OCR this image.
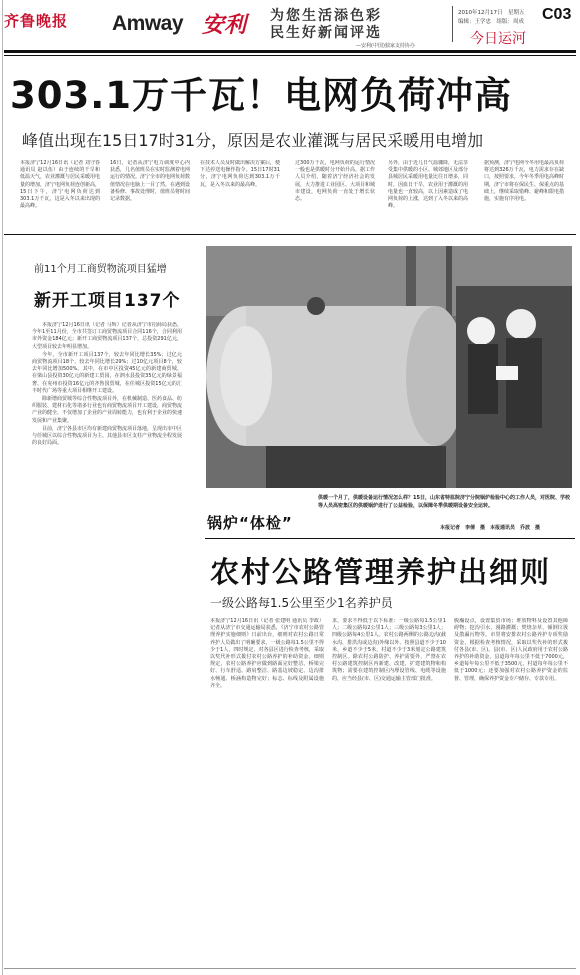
齐鲁晚报 Amway 安利 为您生活添色彩
民生好新闻评选
—安利(中国)独家支持协办
2010年12月17日　星期五
编辑：王学忠　组版：周成 C03
今日运河
303.1万千瓦！电网负荷冲高
峰值出现在15日17时31分，原因是农业灌溉与居民采暖用电增加
本报济宁12月16日讯（记者 刘守春 通讯员 赵以伍）由于连续的干旱和低温天气，农业灌溉与居民采暖用电量的增加，济宁电网负荷连创新高，15日下午，济宁电网负荷达到303.1万千瓦，这是入冬以来出现的最高峰。
16日，记者从济宁电力调度中心内获悉，几名值班员在实时监测着电网运行的情况。济宁全市的电网负荷数值情况在电脑上一目了然。在遇到设备检修、事故处理时，值班员将时间记录数据。
在技术人员及时做出解决方案后，便下达停送电操作指令。15日17时31分，济宁电网负荷达到303.1万千瓦，是入冬以来的最高峰。
过300万千瓦，电网负荷的运行情况一般也是供暖时分开始升高。据工作人员介绍，随着济宁经济社会的发展，大力推进工业园区、大项目和城市建设，电网负荷一直处于增长状态。
另外，由于近几日气温骤降，无法享受集中供暖的小区、城郊地区及部分县城居民采暖用电量比往日增多，同时，因血日干旱，农业用于灌溉的用电量也一直较高，以上因素造成了电网负荷的上涨，达到了入冬以来的高峰。
据预测，济宁电网今冬用电最高负荷将达到326万千瓦，电力需求存在缺口，按照要求，今年冬季用电高峰时期，济宁市将在保民生、保重点的基础上，继续采取错峰、避峰和限电措施，实施有序用电。
前11个月工商贸物流项目猛增
新开工项目137个

本报济宁12月16日讯（记者 马辉）记者从济宁市招商局获悉，今年1至11月份，全市共签订工商贸物流项目合同116个，合同利用市外资金184亿元；新开工商贸物流项目137个，总投资291亿元，大型项目较去年明显增加。

今年，全市新开工项目137个，较去年同比增长35%；过亿元商贸物流项目18个，较去年同比增长29%；过10亿元项目8个，较去年同比增加500%。其中，在市中区投资45亿元的新建商贸城、在梁山县投资30亿元的新建工贸园，在泗水县投资35亿元的绿景福奢、在兖州市投资16亿元的齐鲁国贸城，在任城区投资15亿元的汇丰时代广场等重大项目相继开工建设。

除新增商贸城等综合性物流项目外，在机械制造、医药食品、纺织服装、建材石化等诸多行业也有商贸物流项目开工建设，商贸物流产业的健全，不仅增加了企业的产业周转能力，也有利于企业的快速发展和产业集聚。

目前，济宁各县市区均有新建商贸物流项目落地，呈现出市中区与任城区以综合性物流项目为主、其他县市区支柱产业物流全程发展的良好局面。

锅炉“体检”
供暖一个月了，供暖设备运行情况怎么样？15日，山东省特监院济宁分院锅炉检验中心的工作人员，对医院、学校等人员高密集区的供暖锅炉进行了公益检验，以保障冬季供暖期设备安全运转。
本报记者　李倩　摄　本报通讯员　乔波　摄
农村公路管理养护出细则
一级公路每1.5公里至少1名养护员
本报济宁12月16日讯（记者 张建明 通讯员 李政）记者从济宁市交通运输局获悉，《济宁市农村公路管理养护实施细则》日前出台，细则对农村公路日常养护人员做出了明确要求，一级公路每1.5公里不得少于1人，四时规定，对各县区进行检查考核，采取以奖代补形式拨付农村公路养护的补助资金。细则规定，农村公路养护应做到路面完好整洁、桥梁完好、行车舒适、路肩整洁、路基边坡稳定、边沟排水畅通、桥涵构造物完好；标志、标线及附属设施齐全。
求，要求不得低于以下标准：一级公路每1.5公里1人；二级公路每2公里1人；三级公路每3公里1人；四级公路每4公里1人。农村公路两侧的公路边沟(截水沟、排洪沟或边沟)外缘以外、按照县道不少于10米，乡道不少于5米，村道不少于3米划定公路建筑控制区。除农村公路防护、养护需要外，严禁在农村公路建筑控制区内新建、改建、扩建建筑物和构筑物；需要在建筑控制区内埋设管线、电缆等设施的，应当经县(市、区)交通运输主管部门批准。
腹瀚设点，设置集贸市场；堆放物料及设置其他障碍物；挖沟引水，漫路灌溉；焚烧杂草，倾倒垃圾及散漏污物等。市里将安排农村公路养护专项奖励资金，根据检查考核情况，采取以奖代补的形式拨付各县(市、区)。县(市、区)人民政府用于农村公路养护的补助资金，县道每年每公里不低于7000元，乡道每年每公里不低于3500元，村道每年每公里不低于1000元；还要加强对农村公路养护资金的监督、管理，确保养护资金专户储存、专款专用。
